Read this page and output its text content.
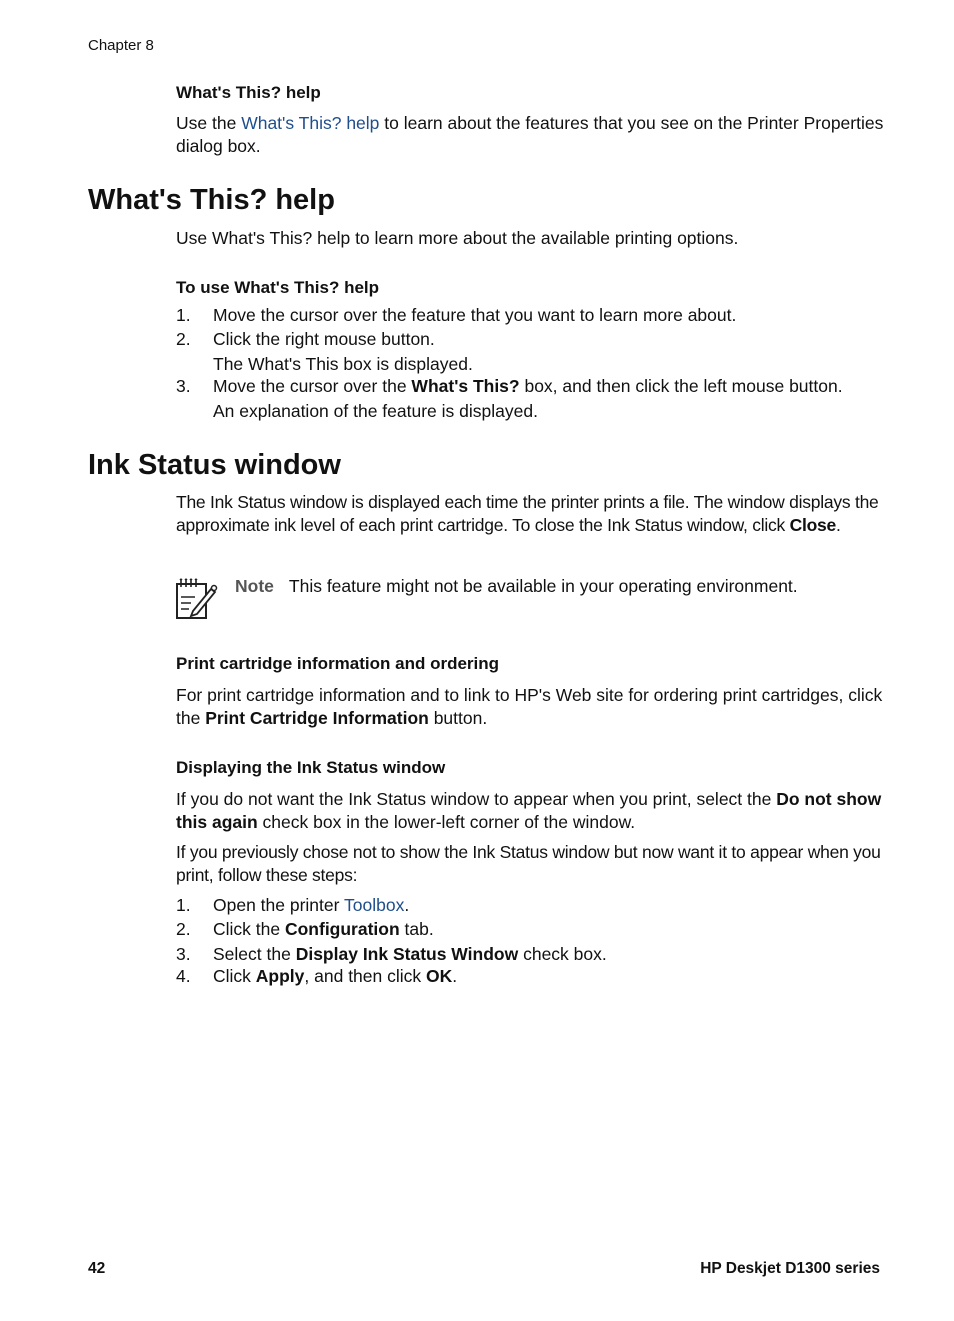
Chapter 8
What's This? help
Use the What's This? help to learn about the features that you see on the Printer Properties dialog box.
What's This? help
Use What's This? help to learn more about the available printing options.
To use What's This? help
1. Move the cursor over the feature that you want to learn more about.
2. Click the right mouse button.
The What's This box is displayed.
3. Move the cursor over the What's This? box, and then click the left mouse button.
An explanation of the feature is displayed.
Ink Status window
The Ink Status window is displayed each time the printer prints a file. The window displays the approximate ink level of each print cartridge. To close the Ink Status window, click Close.
Note This feature might not be available in your operating environment.
Print cartridge information and ordering
For print cartridge information and to link to HP's Web site for ordering print cartridges, click the Print Cartridge Information button.
Displaying the Ink Status window
If you do not want the Ink Status window to appear when you print, select the Do not show this again check box in the lower-left corner of the window.
If you previously chose not to show the Ink Status window but now want it to appear when you print, follow these steps:
1. Open the printer Toolbox.
2. Click the Configuration tab.
3. Select the Display Ink Status Window check box.
4. Click Apply, and then click OK.
42	HP Deskjet D1300 series
